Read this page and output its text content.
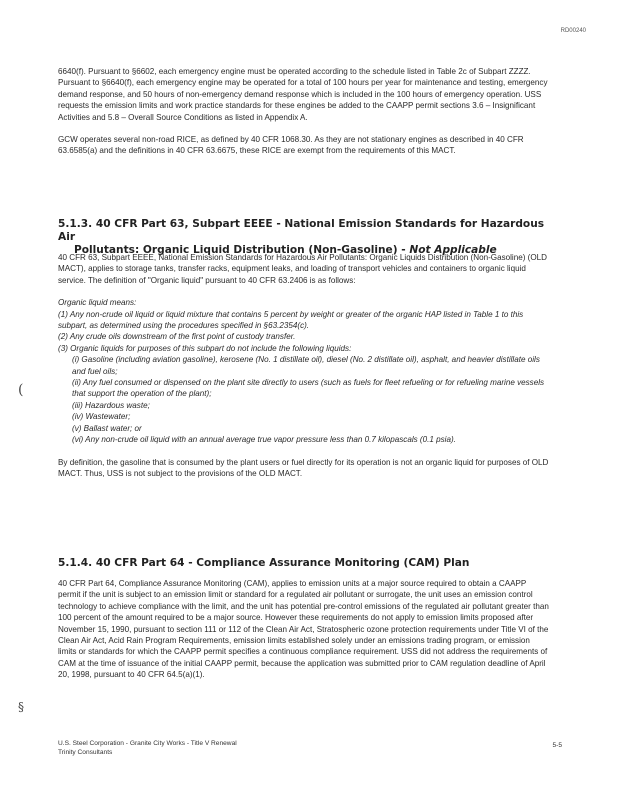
RD00240

6640(f). Pursuant to §6602, each emergency engine must be operated according to the schedule listed in Table 2c of Subpart ZZZZ. Pursuant to §6640(f), each emergency engine may be operated for a total of 100 hours per year for maintenance and testing, emergency demand response, and 50 hours of non-emergency demand response which is included in the 100 hours of emergency operation. USS requests the emission limits and work practice standards for these engines be added to the CAAPP permit sections 3.6 – Insignificant Activities and 5.8 – Overall Source Conditions as listed in Appendix A.

GCW operates several non-road RICE, as defined by 40 CFR 1068.30. As they are not stationary engines as described in 40 CFR 63.6585(a) and the definitions in 40 CFR 63.6675, these RICE are exempt from the requirements of this MACT.

5.1.3. 40 CFR Part 63, Subpart EEEE - National Emission Standards for Hazardous Air
Pollutants: Organic Liquid Distribution (Non-Gasoline) - Not Applicable

40 CFR 63, Subpart EEEE, National Emission Standards for Hazardous Air Pollutants: Organic Liquids Distribution (Non-Gasoline) (OLD MACT), applies to storage tanks, transfer racks, equipment leaks, and loading of transport vehicles and containers to organic liquid service. The definition of "Organic liquid" pursuant to 40 CFR 63.2406 is as follows:

Organic liquid means:
(1) Any non-crude oil liquid or liquid mixture that contains 5 percent by weight or greater of the organic HAP listed in Table 1 to this subpart, as determined using the procedures specified in §63.2354(c).
(2) Any crude oils downstream of the first point of custody transfer.
(3) Organic liquids for purposes of this subpart do not include the following liquids:
(i) Gasoline (including aviation gasoline), kerosene (No. 1 distillate oil), diesel (No. 2 distillate oil), asphalt, and heavier distillate oils and fuel oils;
(ii) Any fuel consumed or dispensed on the plant site directly to users (such as fuels for fleet refueling or for refueling marine vessels that support the operation of the plant);
(iii) Hazardous waste;
(iv) Wastewater;
(v) Ballast water; or
(vi) Any non-crude oil liquid with an annual average true vapor pressure less than 0.7 kilopascals (0.1 psia).

By definition, the gasoline that is consumed by the plant users or fuel directly for its operation is not an organic liquid for purposes of OLD MACT. Thus, USS is not subject to the provisions of the OLD MACT.

5.1.4. 40 CFR Part 64 - Compliance Assurance Monitoring (CAM) Plan

40 CFR Part 64, Compliance Assurance Monitoring (CAM), applies to emission units at a major source required to obtain a CAAPP permit if the unit is subject to an emission limit or standard for a regulated air pollutant or surrogate, the unit uses an emission control technology to achieve compliance with the limit, and the unit has potential pre-control emissions of the regulated air pollutant greater than 100 percent of the amount required to be a major source. However these requirements do not apply to emission limits proposed after November 15, 1990, pursuant to section 111 or 112 of the Clean Air Act, Stratospheric ozone protection requirements under Title VI of the Clean Air Act, Acid Rain Program Requirements, emission limits established solely under an emissions trading program, or emission limits or standards for which the CAAPP permit specifies a continuous compliance requirement. USS did not address the requirements of CAM at the time of issuance of the initial CAAPP permit, because the application was submitted prior to CAM regulation deadline of April 20, 1998, pursuant to 40 CFR 64.5(a)(1).

(
§
U.S. Steel Corporation - Granite City Works - Title V Renewal
Trinity Consultants
5-5
